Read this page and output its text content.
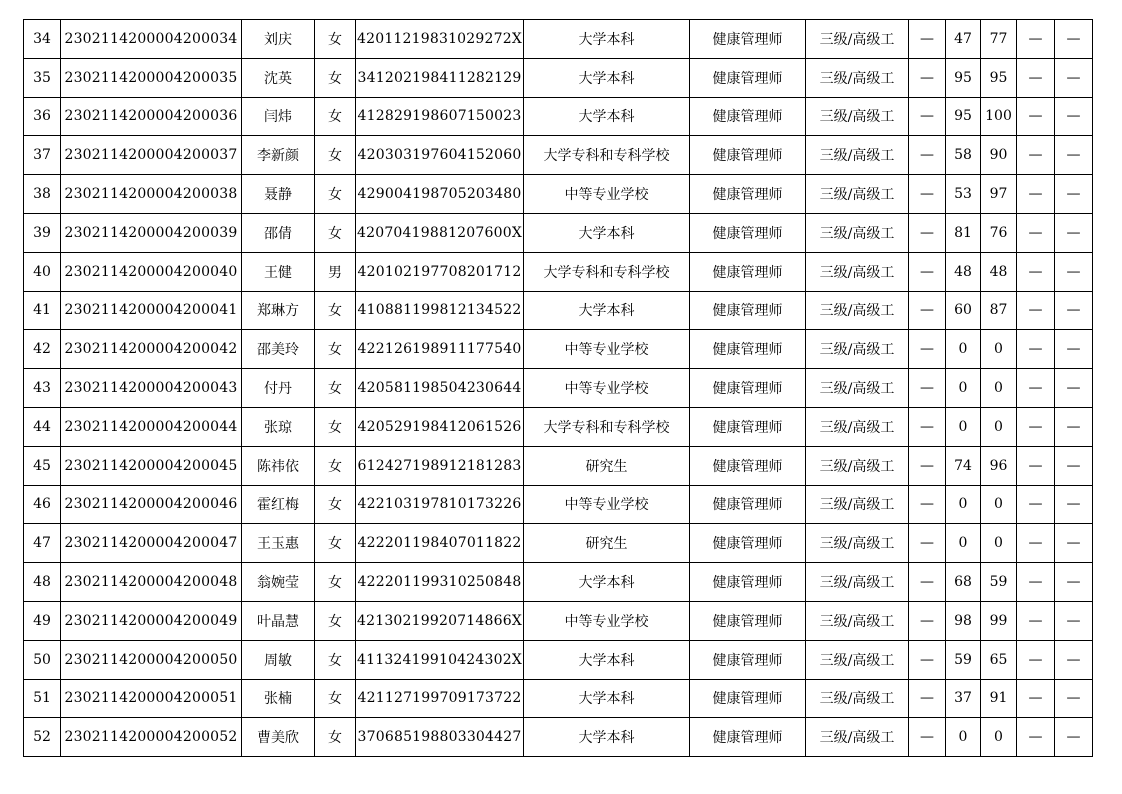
34	2302114200004200034	刘庆	女	42011219831029272X	大学本科	健康管理师	三级/高级工	—	47	77	—	—
35	2302114200004200035	沈英	女	341202198411282129	大学本科	健康管理师	三级/高级工	—	95	95	—	—
36	2302114200004200036	闫炜	女	412829198607150023	大学本科	健康管理师	三级/高级工	—	95	100	—	—
37	2302114200004200037	李新颜	女	420303197604152060	大学专科和专科学校	健康管理师	三级/高级工	—	58	90	—	—
38	2302114200004200038	聂静	女	429004198705203480	中等专业学校	健康管理师	三级/高级工	—	53	97	—	—
39	2302114200004200039	邵倩	女	42070419881207600X	大学本科	健康管理师	三级/高级工	—	81	76	—	—
40	2302114200004200040	王健	男	420102197708201712	大学专科和专科学校	健康管理师	三级/高级工	—	48	48	—	—
41	2302114200004200041	郑琳方	女	410881199812134522	大学本科	健康管理师	三级/高级工	—	60	87	—	—
42	2302114200004200042	邵美玲	女	422126198911177540	中等专业学校	健康管理师	三级/高级工	—	0	0	—	—
43	2302114200004200043	付丹	女	420581198504230644	中等专业学校	健康管理师	三级/高级工	—	0	0	—	—
44	2302114200004200044	张琼	女	420529198412061526	大学专科和专科学校	健康管理师	三级/高级工	—	0	0	—	—
45	2302114200004200045	陈祎依	女	612427198912181283	研究生	健康管理师	三级/高级工	—	74	96	—	—
46	2302114200004200046	霍红梅	女	422103197810173226	中等专业学校	健康管理师	三级/高级工	—	0	0	—	—
47	2302114200004200047	王玉惠	女	422201198407011822	研究生	健康管理师	三级/高级工	—	0	0	—	—
48	2302114200004200048	翁婉莹	女	422201199310250848	大学本科	健康管理师	三级/高级工	—	68	59	—	—
49	2302114200004200049	叶晶慧	女	42130219920714866X	中等专业学校	健康管理师	三级/高级工	—	98	99	—	—
50	2302114200004200050	周敏	女	41132419910424302X	大学本科	健康管理师	三级/高级工	—	59	65	—	—
51	2302114200004200051	张楠	女	421127199709173722	大学本科	健康管理师	三级/高级工	—	37	91	—	—
52	2302114200004200052	曹美欣	女	370685198803304427	大学本科	健康管理师	三级/高级工	—	0	0	—	—
